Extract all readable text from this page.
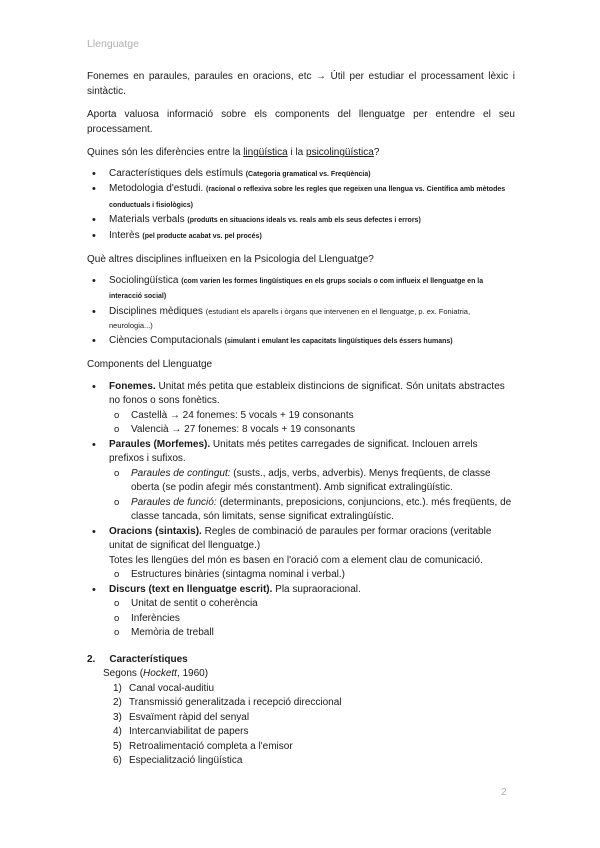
Llenguatge

Fonemes en paraules, paraules en oracions, etc → Útil per estudiar el processament lèxic i sintàctic.

Aporta valuosa informació sobre els components del llenguatge per entendre el seu processament.

Quines són les diferències entre la lingüística i la psicolingüística?

• Característiques dels estímuls (Categoria gramatical vs. Freqüència)
• Metodologia d'estudi. (racional o reflexiva sobre les regles que regeixen una llengua vs. Científica amb mètodes conductuals i fisiològics)
• Materials verbals (produïts en situacions ideals vs. reals amb els seus defectes i errors)
• Interès (pel producte acabat vs. pel procés)

Què altres disciplines influeixen en la Psicologia del Llenguatge?

• Sociolingüística (com varien les formes lingüístiques en els grups socials o com influeix el llenguatge en la interacció social)
• Disciplines mèdiques (estudiant els aparells i òrgans que intervenen en el llenguatge, p. ex. Foniatria, neurologia...)
• Ciències Computacionals (simulant i emulant les capacitats lingüístiques dels éssers humans)

Components del Llenguatge

• Fonemes. Unitat més petita que estableix distincions de significat. Són unitats abstractes no fonos o sons fonètics.
o Castellà → 24 fonemes: 5 vocals + 19 consonants
o Valencià → 27 fonemes: 8 vocals + 19 consonants
• Paraules (Morfemes). Unitats més petites carregades de significat. Inclouen arrels prefixos i sufixos.
o Paraules de contingut: (susts., adjs, verbs, adverbis). Menys freqüents, de classe oberta (se podin afegir més constantment). Amb significat extralingüístic.
o Paraules de funció: (determinants, preposicions, conjuncions, etc.). més freqüents, de classe tancada, són limitats, sense significat extralingüístic.
• Oracions (sintaxis). Regles de combinació de paraules per formar oracions (veritable unitat de significat del llenguatge.)

Totes les llengües del món es basen en l'oració com a element clau de comunicació.

o Estructures binàries (sintagma nominal i verbal.)
• Discurs (text en llenguatge escrit). Pla supraoracional.
o Unitat de sentit o coherència
o Inferències
o Memòria de treball

2. Característiques

Segons (Hockett, 1960)

1) Canal vocal-auditiu
2) Transmissió generalitzada i recepció direccional
3) Esvaïment ràpid del senyal
4) Intercanviabilitat de papers
5) Retroalimentació completa a l'emisor
6) Especialització lingüística
2
